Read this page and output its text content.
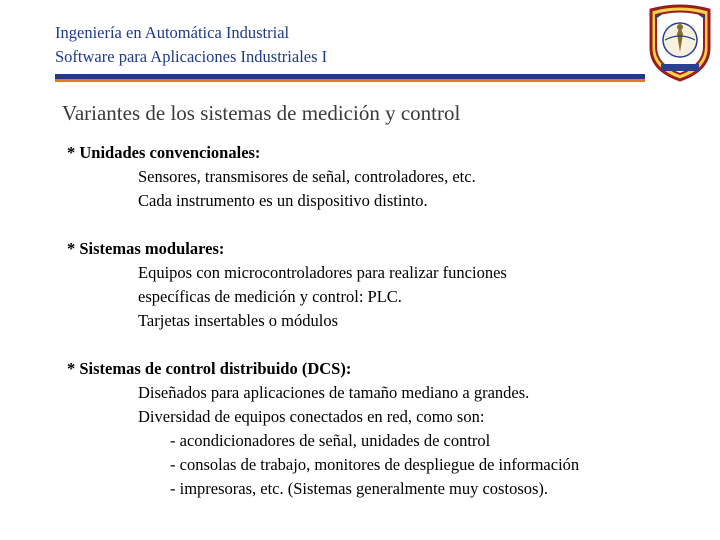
Ingeniería en Automática Industrial
Software para Aplicaciones Industriales I
Variantes de los sistemas de medición y control
* Unidades convencionales:
Sensores, transmisores de señal, controladores, etc.
Cada instrumento es un dispositivo distinto.
* Sistemas modulares:
Equipos con microcontroladores para realizar funciones
específicas de medición y control: PLC.
Tarjetas insertables o módulos
* Sistemas de control distribuido (DCS):
Diseñados para aplicaciones de tamaño mediano a grandes.
Diversidad de equipos conectados en red, como son:
- acondicionadores de señal, unidades de control
- consolas de trabajo, monitores de despliegue de información
- impresoras, etc. (Sistemas generalmente muy costosos).
